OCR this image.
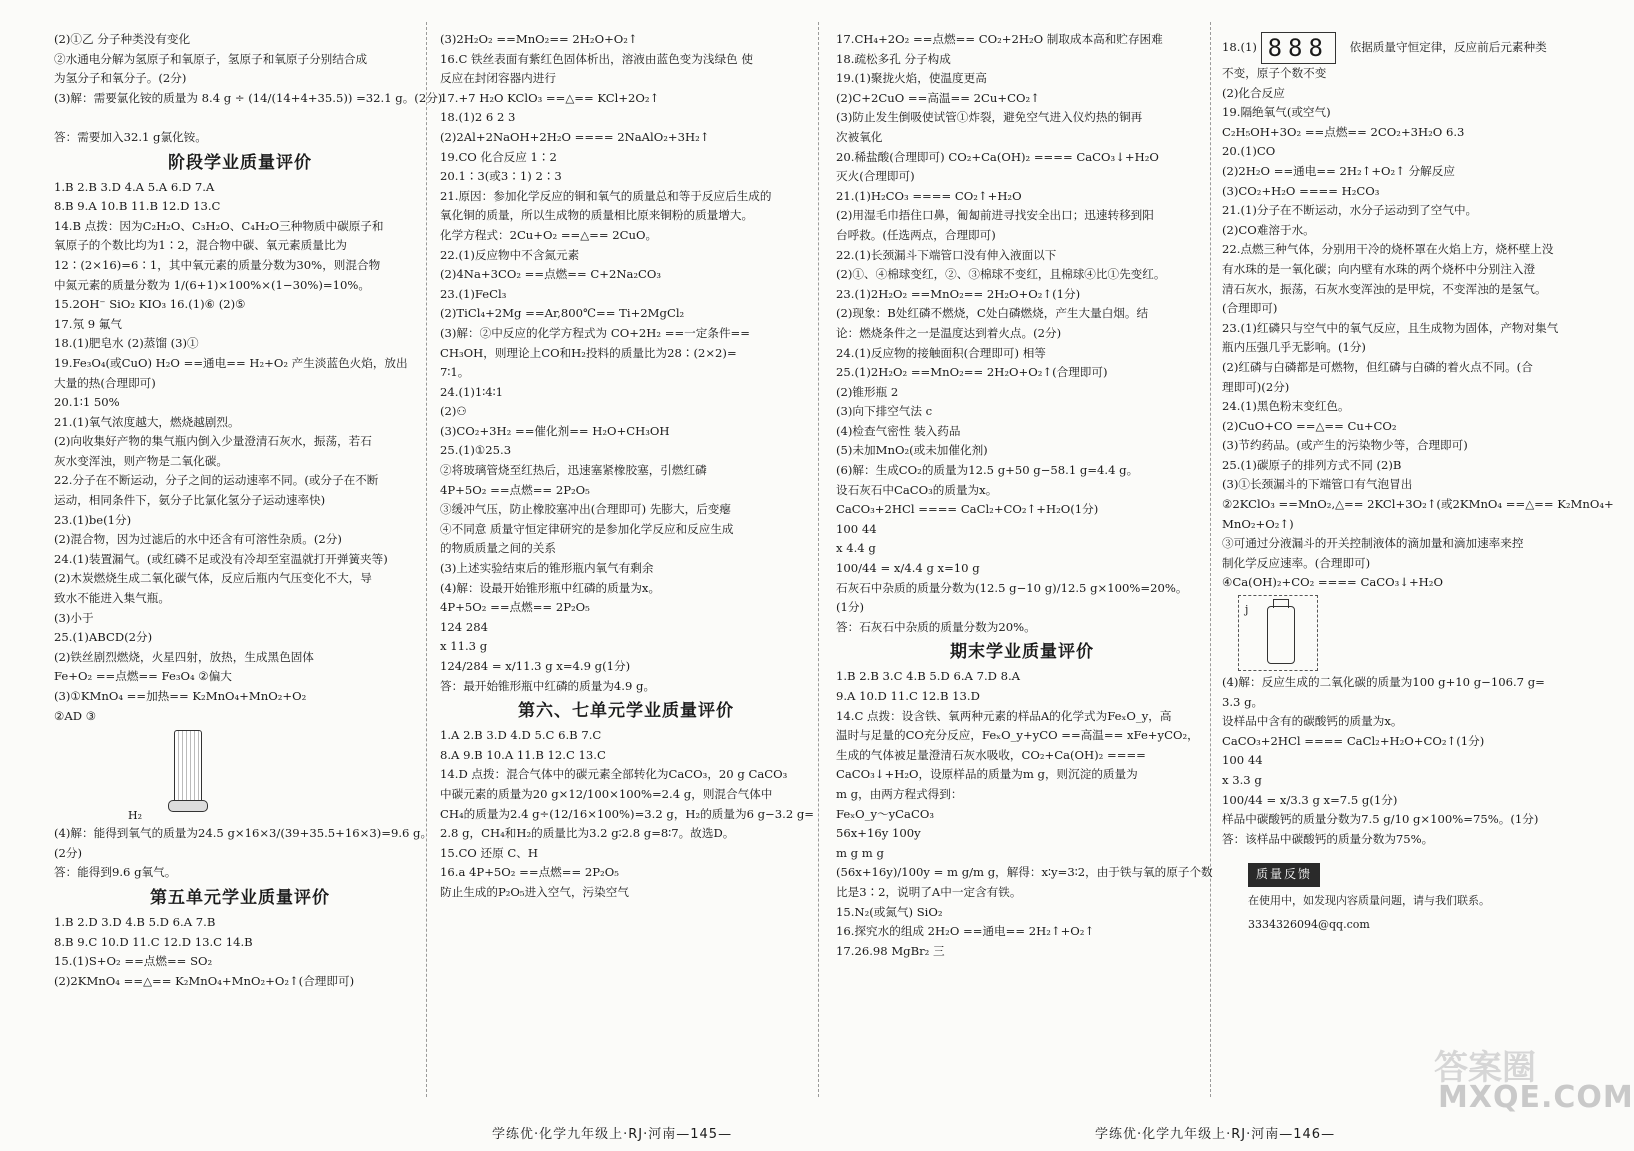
(2)①乙 分子种类没有变化
②水通电分解为氢原子和氧原子，氢原子和氧原子分别结合成
为氢分子和氧分子。(2分)
(3)解：需要氯化铵的质量为 8.4 g ÷ (14/(14+4+35.5)) =32.1 g。(2分)

答：需要加入32.1 g氯化铵。
阶段学业质量评价
1.B 2.B 3.D 4.A 5.A 6.D 7.A
8.B 9.A 10.B 11.B 12.D 13.C
14.B 点拨：因为C₂H₂O、C₃H₂O、C₄H₂O三种物质中碳原子和
氧原子的个数比均为1∶2，混合物中碳、氧元素质量比为
12∶(2×16)=6∶1，其中氧元素的质量分数为30%，则混合物
中氮元素的质量分数为 1/(6+1)×100%×(1−30%)=10%。
15.2OH⁻ SiO₂ KIO₃ 16.(1)⑥ (2)⑤
17.氖 9 氟气
18.(1)肥皂水 (2)蒸馏 (3)①
19.Fe₃O₄(或CuO) H₂O ==通电== H₂+O₂ 产生淡蓝色火焰，放出
大量的热(合理即可)
20.1∶1 50%
21.(1)氧气浓度越大，燃烧越剧烈。
(2)向收集好产物的集气瓶内倒入少量澄清石灰水，振荡，若石
灰水变浑浊，则产物是二氧化碳。
22.分子在不断运动，分子之间的运动速率不同。(或分子在不断
运动，相同条件下，氨分子比氯化氢分子运动速率快)
23.(1)be(1分)
(2)混合物，因为过滤后的水中还含有可溶性杂质。(2分)
24.(1)装置漏气。(或红磷不足或没有冷却至室温就打开弹簧夹等)
(2)木炭燃烧生成二氧化碳气体，反应后瓶内气压变化不大，导
致水不能进入集气瓶。
(3)小于
25.(1)ABCD(2分)
(2)铁丝剧烈燃烧，火星四射，放热，生成黑色固体
Fe+O₂ ==点燃== Fe₃O₄ ②偏大
(3)①KMnO₄ ==加热== K₂MnO₄+MnO₂+O₂
②AD ③
H₂
(4)解：能得到氧气的质量为24.5 g×16×3/(39+35.5+16×3)=9.6 g。
(2分)
答：能得到9.6 g氧气。
第五单元学业质量评价
1.B 2.D 3.D 4.B 5.D 6.A 7.B
8.B 9.C 10.D 11.C 12.D 13.C 14.B
15.(1)S+O₂ ==点燃== SO₂
(2)2KMnO₄ ==△== K₂MnO₄+MnO₂+O₂↑(合理即可)
(3)2H₂O₂ ==MnO₂== 2H₂O+O₂↑
16.C 铁丝表面有紫红色固体析出，溶液由蓝色变为浅绿色 使
反应在封闭容器内进行
17.+7 H₂O KClO₃ ==△== KCl+2O₂↑
18.(1)2 6 2 3
(2)2Al+2NaOH+2H₂O ==== 2NaAlO₂+3H₂↑
19.CO 化合反应 1∶2
20.1∶3(或3∶1) 2∶3
21.原因：参加化学反应的铜和氧气的质量总和等于反应后生成的
氧化铜的质量，所以生成物的质量相比原来铜粉的质量增大。
化学方程式：2Cu+O₂ ==△== 2CuO。
22.(1)反应物中不含氮元素
(2)4Na+3CO₂ ==点燃== C+2Na₂CO₃
23.(1)FeCl₃
(2)TiCl₄+2Mg ==Ar,800℃== Ti+2MgCl₂
(3)解：②中反应的化学方程式为 CO+2H₂ ==一定条件==
CH₃OH，则理论上CO和H₂投料的质量比为28∶(2×2)=
7∶1。
24.(1)1∶4∶1
(2)⚇
(3)CO₂+3H₂ ==催化剂== H₂O+CH₃OH
25.(1)①25.3
②将玻璃管烧至红热后，迅速塞紧橡胶塞，引燃红磷
4P+5O₂ ==点燃== 2P₂O₅
③缓冲气压，防止橡胶塞冲出(合理即可) 先膨大，后变瘪
④不同意 质量守恒定律研究的是参加化学反应和反应生成
的物质质量之间的关系
(3)上述实验结束后的锥形瓶内氧气有剩余
(4)解：设最开始锥形瓶中红磷的质量为x。
4P+5O₂ ==点燃== 2P₂O₅
124 284
x 11.3 g
124/284 = x/11.3 g x=4.9 g(1分)
答：最开始锥形瓶中红磷的质量为4.9 g。
第六、七单元学业质量评价
1.A 2.B 3.D 4.D 5.C 6.B 7.C
8.A 9.B 10.A 11.B 12.C 13.C
14.D 点拨：混合气体中的碳元素全部转化为CaCO₃，20 g CaCO₃
中碳元素的质量为20 g×12/100×100%=2.4 g，则混合气体中
CH₄的质量为2.4 g÷(12/16×100%)=3.2 g，H₂的质量为6 g−3.2 g=
2.8 g，CH₄和H₂的质量比为3.2 g∶2.8 g=8∶7。故选D。
15.CO 还原 C、H
16.a 4P+5O₂ ==点燃== 2P₂O₅
防止生成的P₂O₅进入空气，污染空气
17.CH₄+2O₂ ==点燃== CO₂+2H₂O 制取成本高和贮存困难
18.疏松多孔 分子构成
19.(1)聚拢火焰，使温度更高
(2)C+2CuO ==高温== 2Cu+CO₂↑
(3)防止发生倒吸使试管①炸裂，避免空气进入仪灼热的铜再
次被氧化
20.稀盐酸(合理即可) CO₂+Ca(OH)₂ ==== CaCO₃↓+H₂O
灭火(合理即可)
21.(1)H₂CO₃ ==== CO₂↑+H₂O
(2)用湿毛巾捂住口鼻，匍匐前进寻找安全出口；迅速转移到阳
台呼救。(任选两点，合理即可)
22.(1)长颈漏斗下端管口没有伸入液面以下
(2)①、④棉球变红，②、③棉球不变红，且棉球④比①先变红。
23.(1)2H₂O₂ ==MnO₂== 2H₂O+O₂↑(1分)
(2)现象：B处红磷不燃烧，C处白磷燃烧，产生大量白烟。结
论：燃烧条件之一是温度达到着火点。(2分)
24.(1)反应物的接触面积(合理即可) 相等
25.(1)2H₂O₂ ==MnO₂== 2H₂O+O₂↑(合理即可)
(2)锥形瓶 2
(3)向下排空气法 c
(4)检查气密性 装入药品
(5)未加MnO₂(或未加催化剂)
(6)解：生成CO₂的质量为12.5 g+50 g−58.1 g=4.4 g。
设石灰石中CaCO₃的质量为x。
CaCO₃+2HCl ==== CaCl₂+CO₂↑+H₂O(1分)
100 44
x 4.4 g
100/44 = x/4.4 g x=10 g
石灰石中杂质的质量分数为(12.5 g−10 g)/12.5 g×100%=20%。
(1分)
答：石灰石中杂质的质量分数为20%。
期末学业质量评价
1.B 2.B 3.C 4.B 5.D 6.A 7.D 8.A
9.A 10.D 11.C 12.B 13.D
14.C 点拨：设含铁、氧两种元素的样品A的化学式为FeₓO_y，高
温时与足量的CO充分反应，FeₓO_y+yCO ==高温== xFe+yCO₂，
生成的气体被足量澄清石灰水吸收，CO₂+Ca(OH)₂ ====
CaCO₃↓+H₂O，设原样品的质量为m g，则沉淀的质量为
m g，由两方程式得到：
FeₓO_y～yCaCO₃
56x+16y 100y
m g m g
(56x+16y)/100y = m g/m g，解得：x∶y=3∶2，由于铁与氧的原子个数
比是3∶2，说明了A中一定含有铁。
15.N₂(或氮气) SiO₂
16.探究水的组成 2H₂O ==通电== 2H₂↑+O₂↑
17.26.98 MgBr₂ 三
18.(1) 888 依据质量守恒定律，反应前后元素种类
不变，原子个数不变
(2)化合反应
19.隔绝氧气(或空气)
C₂H₅OH+3O₂ ==点燃== 2CO₂+3H₂O 6.3
20.(1)CO
(2)2H₂O ==通电== 2H₂↑+O₂↑ 分解反应
(3)CO₂+H₂O ==== H₂CO₃
21.(1)分子在不断运动，水分子运动到了空气中。
(2)CO难溶于水。
22.点燃三种气体，分别用干冷的烧杯罩在火焰上方，烧杯壁上没
有水珠的是一氧化碳；向内壁有水珠的两个烧杯中分别注入澄
清石灰水，振荡，石灰水变浑浊的是甲烷，不变浑浊的是氢气。
(合理即可)
23.(1)红磷只与空气中的氧气反应，且生成物为固体，产物对集气
瓶内压强几乎无影响。(1分)
(2)红磷与白磷都是可燃物，但红磷与白磷的着火点不同。(合
理即可)(2分)
24.(1)黑色粉末变红色。
(2)CuO+CO ==△== Cu+CO₂
(3)节约药品。(或产生的污染物少等，合理即可)
25.(1)碳原子的排列方式不同 (2)B
(3)①长颈漏斗的下端管口有气泡冒出
②2KClO₃ ==MnO₂,△== 2KCl+3O₂↑(或2KMnO₄ ==△== K₂MnO₄+
MnO₂+O₂↑)
③可通过分液漏斗的开关控制液体的滴加量和滴加速率来控
制化学反应速率。(合理即可)
④Ca(OH)₂+CO₂ ==== CaCO₃↓+H₂O
j
(4)解：反应生成的二氧化碳的质量为100 g+10 g−106.7 g=
3.3 g。
设样品中含有的碳酸钙的质量为x。
CaCO₃+2HCl ==== CaCl₂+H₂O+CO₂↑(1分)
100 44
x 3.3 g
100/44 = x/3.3 g x=7.5 g(1分)
样品中碳酸钙的质量分数为7.5 g/10 g×100%=75%。(1分)
答：该样品中碳酸钙的质量分数为75%。
质量反馈
在使用中，如发现内容质量问题，请与我们联系。
3334326094@qq.com
学练优·化学九年级上·RJ·河南—145—	学练优·化学九年级上·RJ·河南—146—
答案圈
MXQE.COM
